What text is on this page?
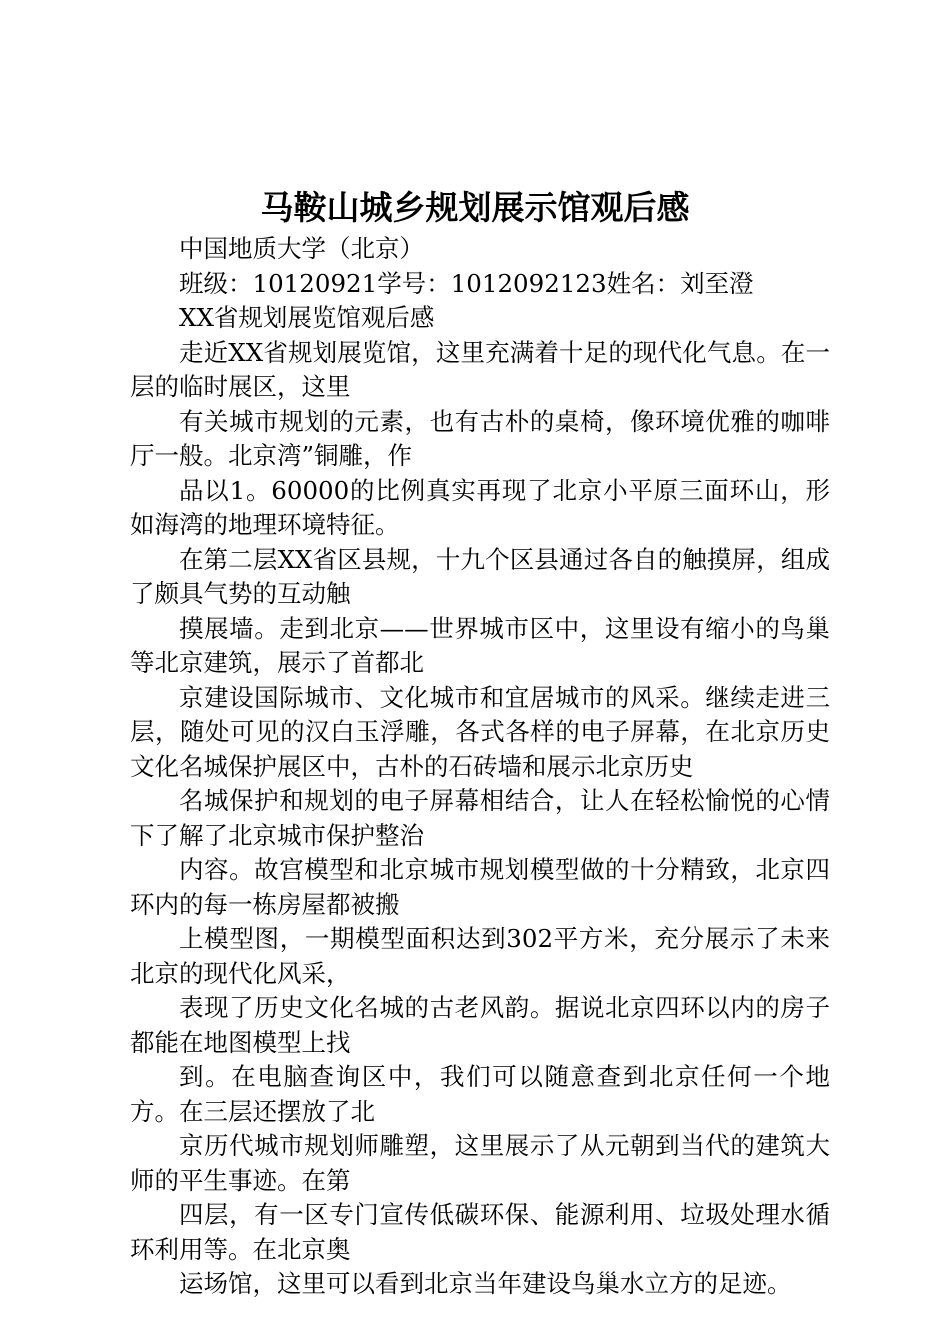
马鞍山城乡规划展示馆观后感

中国地质大学（北京）

班级：10120921学号：1012092123姓名：刘至澄

XX省规划展览馆观后感

走近XX省规划展览馆，这里充满着十足的现代化气息。在一层的临时展区，这里

有关城市规划的元素，也有古朴的桌椅，像环境优雅的咖啡厅一般。北京湾”铜雕，作

品以1。60000的比例真实再现了北京小平原三面环山，形如海湾的地理环境特征。

在第二层XX省区县规，十九个区县通过各自的触摸屏，组成了颇具气势的互动触

摸展墙。走到北京——世界城市区中，这里设有缩小的鸟巢等北京建筑，展示了首都北

京建设国际城市、文化城市和宜居城市的风采。继续走进三层，随处可见的汉白玉浮雕，各式各样的电子屏幕，在北京历史文化名城保护展区中，古朴的石砖墙和展示北京历史

名城保护和规划的电子屏幕相结合，让人在轻松愉悦的心情下了解了北京城市保护整治

内容。故宫模型和北京城市规划模型做的十分精致，北京四环内的每一栋房屋都被搬

上模型图，一期模型面积达到302平方米，充分展示了未来北京的现代化风采，

表现了历史文化名城的古老风韵。据说北京四环以内的房子都能在地图模型上找

到。在电脑查询区中，我们可以随意查到北京任何一个地方。在三层还摆放了北

京历代城市规划师雕塑，这里展示了从元朝到当代的建筑大师的平生事迹。在第

四层，有一区专门宣传低碳环保、能源利用、垃圾处理水循环利用等。在北京奥

运场馆，这里可以看到北京当年建设鸟巢水立方的足迹。
